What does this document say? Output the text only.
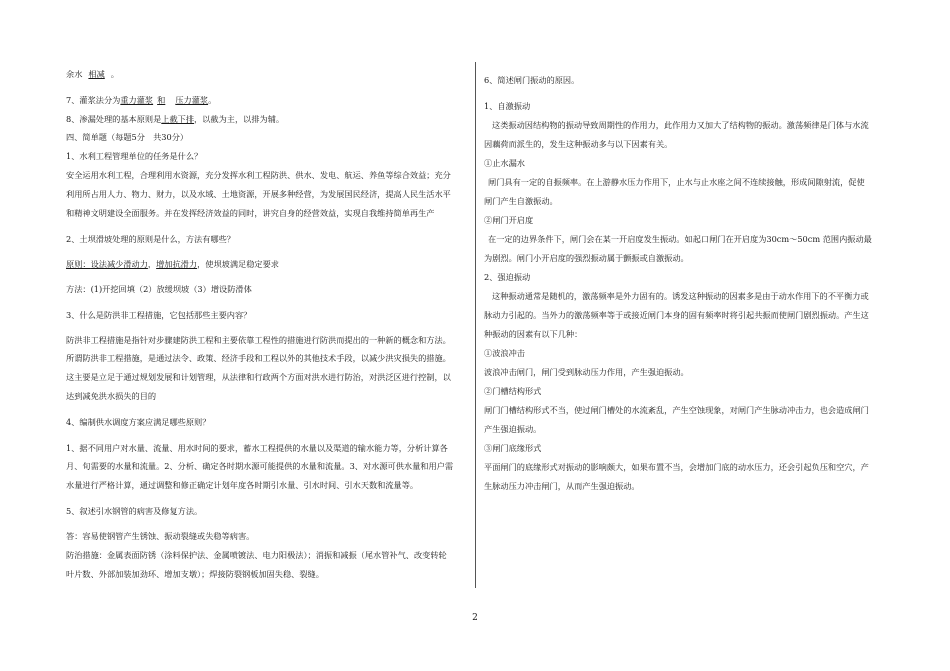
余水 相减 。
7、灌浆法分为重力灌浆 和 压力灌浆。
8、渗漏处理的基本原则是上截下排，以截为主，以排为辅。
四、简单题（每题5分　共30分）
1、水利工程管理单位的任务是什么？
安全运用水利工程，合理利用水资源，充分发挥水利工程防洪、供水、发电、航运、养鱼等综合效益；充分
利用所占用人力、物力、财力，以及水域、土地资源，开展多种经营，为发展国民经济，提高人民生活水平
和精神文明建设全面服务。并在发挥经济效益的同时，讲究自身的经营效益，实现自我维持简单再生产
2、土坝滑坡处理的原则是什么，方法有哪些？
原则：设法减少滑动力，增加抗滑力，使坝坡满足稳定要求
方法：(1)开挖回填（2）放缓坝坡（3）增设防滑体
3、什么是防洪非工程措施，它包括那些主要内容？
防洪非工程措施是指针对步骤建防洪工程和主要依靠工程性的措施进行防洪而提出的一种新的概念和方法。
所谓防洪非工程措施，是通过法令、政策、经济手段和工程以外的其他技术手段，以减少洪灾损失的措施。
这主要是立足于通过规划发展和计划管理，从法律和行政两个方面对洪水进行防治，对洪泛区进行控制，以
达到减免洪水损失的目的
4、编制供水调度方案应满足哪些原则？
1、据不同用户对水量、流量、用水时间的要求，蓄水工程提供的水量以及渠道的输水能力等，分析计算各
月、旬需要的水量和流量。2、分析、确定各时期水源可能提供的水量和流量。3、对水源可供水量和用户需
水量进行严格计算，通过调整和修正确定计划年度各时期引水量、引水时间、引水天数和流量等。
5、叙述引水钢管的病害及修复方法。
答：容易使钢管产生锈蚀、振动裂缝或失稳等病害。
防治措施：金属表面防锈（涂料保护法、金属喷镀法、电力阳极法）；消振和减振（尾水管补气、改变转轮
叶片数、外部加装加劲环、增加支墩）；焊接防裂钢板加固失稳、裂缝。
6、简述闸门振动的原因。
1、自激振动
这类振动因结构物的振动导致周期性的作用力，此作用力又加大了结构物的振动。激荡频律是门体与水流
因藕荷而派生的，发生这种振动多与以下因素有关。
①止水漏水
闸门具有一定的自振频率。在上游静水压力作用下，止水与止水座之间不连续接触，形成间隙射流，促使
闸门产生自激振动。
②闸门开启度
在一定的边界条件下，闸门会在某一开启度发生振动。如起口闸门在开启度为30cm～50cm 范围内振动最
为剧烈。闸门小开启度的强烈振动属于颤振或自激振动。
2、强迫振动
这种振动通常是随机的，激荡频率是外力固有的。诱发这种振动的因素多是由于动水作用下的不平衡力或
脉动力引起的。当外力的激荡频率等于或接近闸门本身的固有频率时将引起共振而使闸门剧烈振动。产生这
种振动的因素有以下几种：
①波浪冲击
波浪冲击闸门，闸门受到脉动压力作用，产生强迫振动。
②门槽结构形式
闸门门槽结构形式不当，使过闸门槽处的水流紊乱，产生空蚀现象，对闸门产生脉动冲击力，也会造成闸门
产生强迫振动。
③闸门底缘形式
平面闸门的底缘形式对振动的影响颇大，如果布置不当，会增加门底的动水压力，还会引起负压和空穴，产
生脉动压力冲击闸门，从而产生强迫振动。
2
